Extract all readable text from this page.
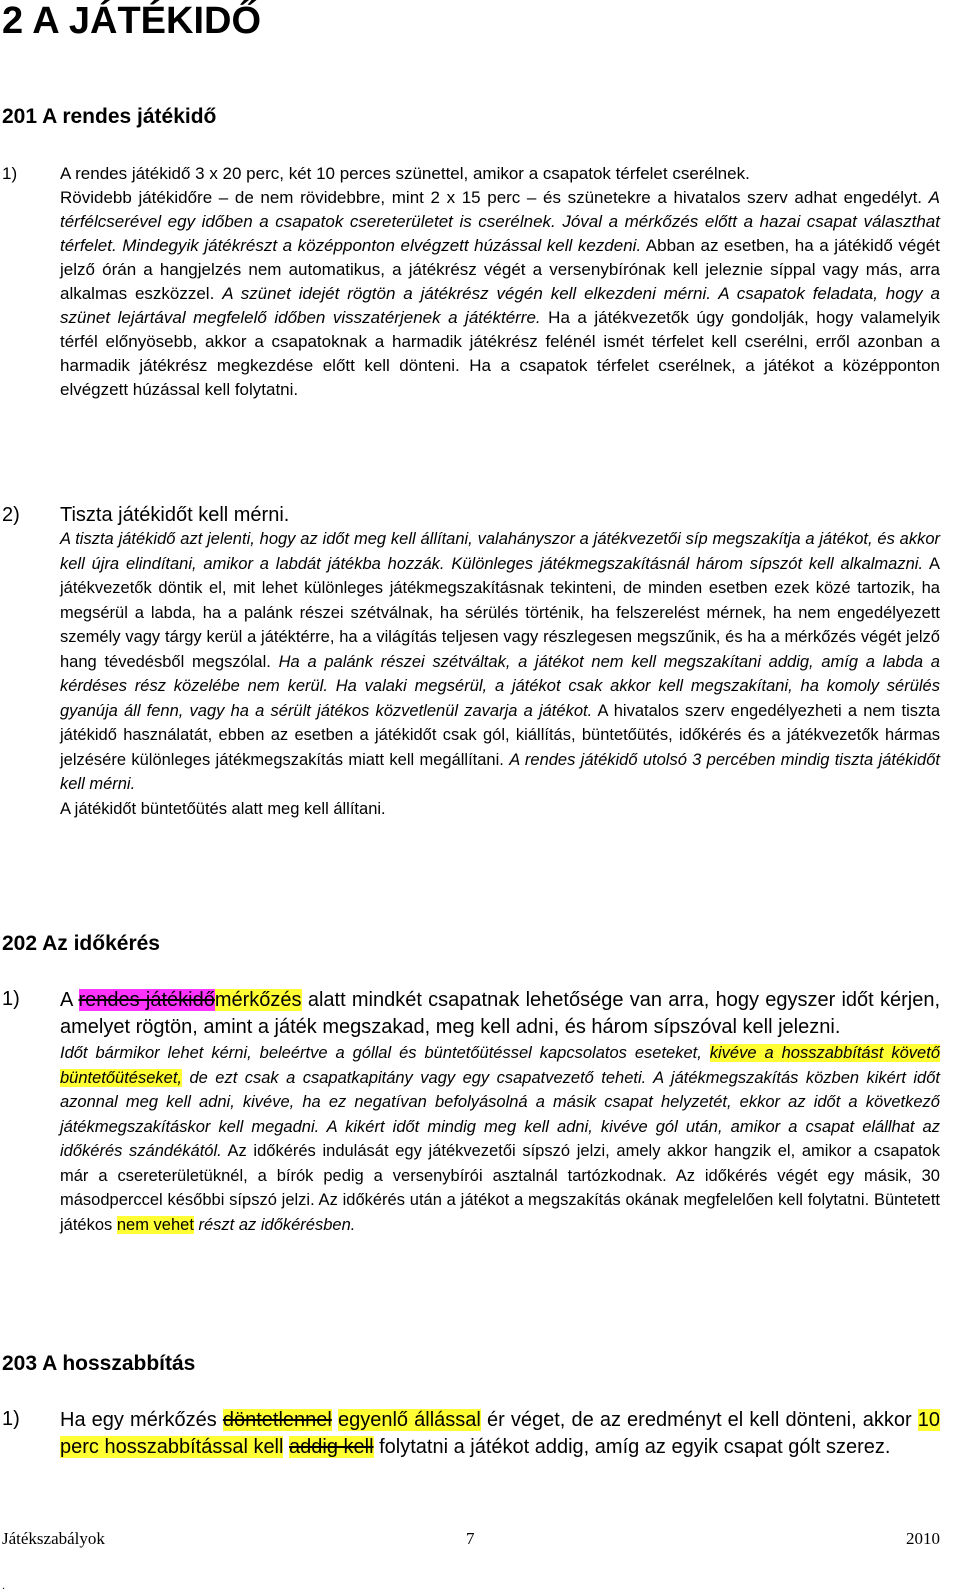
2 A JÁTÉKIDŐ
201 A rendes játékidő
1)	A rendes játékidő 3 x 20 perc, két 10 perces szünettel, amikor a csapatok térfelet cserélnek.
Rövidebb játékidőre – de nem rövidebbre, mint 2 x 15 perc – és szünetekre a hivatalos szerv adhat engedélyt. A térfélcserével egy időben a csapatok csereterületet is cserélnek. Jóval a mérkőzés előtt a hazai csapat választhat térfelet. Mindegyik játékrészt a középponton elvégzett húzással kell kezdeni. Abban az esetben, ha a játékidő végét jelző órán a hangjelzés nem automatikus, a játékrész végét a versenybírónak kell jeleznie síppal vagy más, arra alkalmas eszközzel. A szünet idejét rögtön a játékrész végén kell elkezdeni mérni. A csapatok feladata, hogy a szünet lejártával megfelelő időben visszatérjenek a játéktérre. Ha a játékvezetők úgy gondolják, hogy valamelyik térfél előnyösebb, akkor a csapatoknak a harmadik játékrész felénél ismét térfelet kell cserélni, erről azonban a harmadik játékrész megkezdése előtt kell dönteni. Ha a csapatok térfelet cserélnek, a játékot a középponton elvégzett húzással kell folytatni.

2) Tiszta játékidőt kell mérni.

A tiszta játékidő azt jelenti, hogy az időt meg kell állítani, valahányszor a játékvezetői síp megszakítja a játékot, és akkor kell újra elindítani, amikor a labdát játékba hozzák. Különleges játékmegszakításnál három sípszót kell alkalmazni. A játékvezetők döntik el, mit lehet különleges játékmegszakításnak tekinteni, de minden esetben ezek közé tartozik, ha megsérül a labda, ha a palánk részei szétválnak, ha sérülés történik, ha felszerelést mérnek, ha nem engedélyezett személy vagy tárgy kerül a játéktérre, ha a világítás teljesen vagy részlegesen megszűnik, és ha a mérkőzés végét jelző hang tévedésből megszólal. Ha a palánk részei szétváltak, a játékot nem kell megszakítani addig, amíg a labda a kérdéses rész közelébe nem kerül. Ha valaki megsérül, a játékot csak akkor kell megszakítani, ha komoly sérülés gyanúja áll fenn, vagy ha a sérült játékos közvetlenül zavarja a játékot. A hivatalos szerv engedélyezheti a nem tiszta játékidő használatát, ebben az esetben a játékidőt csak gól, kiállítás, büntetőütés, időkérés és a játékvezetők hármas jelzésére különleges játékmegszakítás miatt kell megállítani. A rendes játékidő utolsó 3 percében mindig tiszta játékidőt kell mérni.

A játékidőt büntetőütés alatt meg kell állítani.

202 Az időkérés
1) A rendes játékidőmérkőzés alatt mindkét csapatnak lehetősége van arra, hogy egyszer időt kérjen, amelyet rögtön, amint a játék megszakad, meg kell adni, és három sípszóval kell jelezni.

Időt bármikor lehet kérni, beleértve a góllal és büntetőütéssel kapcsolatos eseteket, kivéve a hosszabbítást követő büntetőütéseket, de ezt csak a csapatkapitány vagy egy csapatvezető teheti. A játékmegszakítás közben kikért időt azonnal meg kell adni, kivéve, ha ez negatívan befolyásolná a másik csapat helyzetét, ekkor az időt a következő játékmegszakításkor kell megadni. A kikért időt mindig meg kell adni, kivéve gól után, amikor a csapat elállhat az időkérés szándékától. Az időkérés indulását egy játékvezetői sípszó jelzi, amely akkor hangzik el, amikor a csapatok már a csereterületüknél, a bírók pedig a versenybírói asztalnál tartózkodnak. Az időkérés végét egy másik, 30 másodperccel későbbi sípszó jelzi. Az időkérés után a játékot a megszakítás okának megfelelően kell folytatni. Büntetett játékos nem vehet részt az időkérésben.

203 A hosszabbítás
1) Ha egy mérkőzés döntetlennel egyenlő állással ér véget, de az eredményt el kell dönteni, akkor 10 perc hosszabbítással kell addig kell folytatni a játékot addig, amíg az egyik csapat gólt szerez.

Játékszabályok	7	2010
.
